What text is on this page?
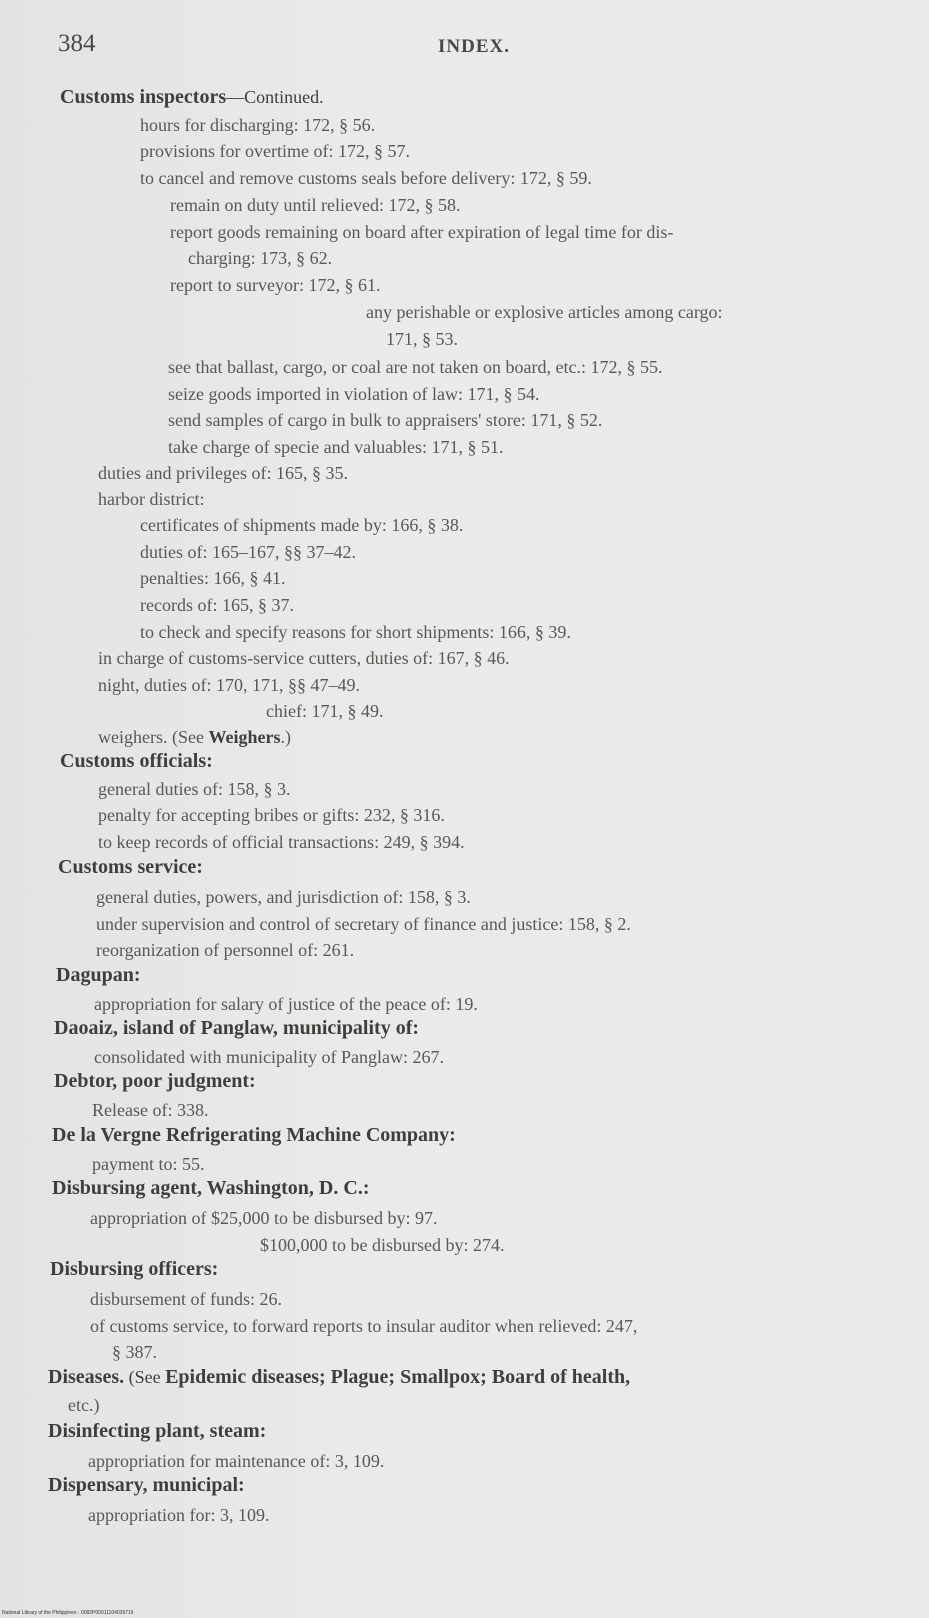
384	INDEX.
Customs inspectors—Continued.
hours for discharging: 172, § 56.
provisions for overtime of: 172, § 57.
to cancel and remove customs seals before delivery: 172, § 59.
remain on duty until relieved: 172, § 58.
report goods remaining on board after expiration of legal time for dis-
charging: 173, § 62.
report to surveyor: 172, § 61.
any perishable or explosive articles among cargo:
171, § 53.
see that ballast, cargo, or coal are not taken on board, etc.: 172, § 55.
seize goods imported in violation of law: 171, § 54.
send samples of cargo in bulk to appraisers' store: 171, § 52.
take charge of specie and valuables: 171, § 51.
duties and privileges of: 165, § 35.
harbor district:
certificates of shipments made by: 166, § 38.
duties of: 165–167, §§ 37–42.
penalties: 166, § 41.
records of: 165, § 37.
to check and specify reasons for short shipments: 166, § 39.
in charge of customs-service cutters, duties of: 167, § 46.
night, duties of: 170, 171, §§ 47–49.
chief: 171, § 49.
weighers. (See Weighers.)
Customs officials:
general duties of: 158, § 3.
penalty for accepting bribes or gifts: 232, § 316.
to keep records of official transactions: 249, § 394.
Customs service:
general duties, powers, and jurisdiction of: 158, § 3.
under supervision and control of secretary of finance and justice: 158, § 2.
reorganization of personnel of: 261.
Dagupan:
appropriation for salary of justice of the peace of: 19.
Daoaiz, island of Panglaw, municipality of:
consolidated with municipality of Panglaw: 267.
Debtor, poor judgment:
Release of: 338.
De la Vergne Refrigerating Machine Company:
payment to: 55.
Disbursing agent, Washington, D. C.:
appropriation of $25,000 to be disbursed by: 97.
$100,000 to be disbursed by: 274.
Disbursing officers:
disbursement of funds: 26.
of customs service, to forward reports to insular auditor when relieved: 247,
§ 387.
Diseases. (See Epidemic diseases; Plague; Smallpox; Board of health,
etc.)
Disinfecting plant, steam:
appropriation for maintenance of: 3, 109.
Dispensary, municipal:
appropriation for: 3, 109.
National Library of the Philippines · 0082P0001110403971ll
